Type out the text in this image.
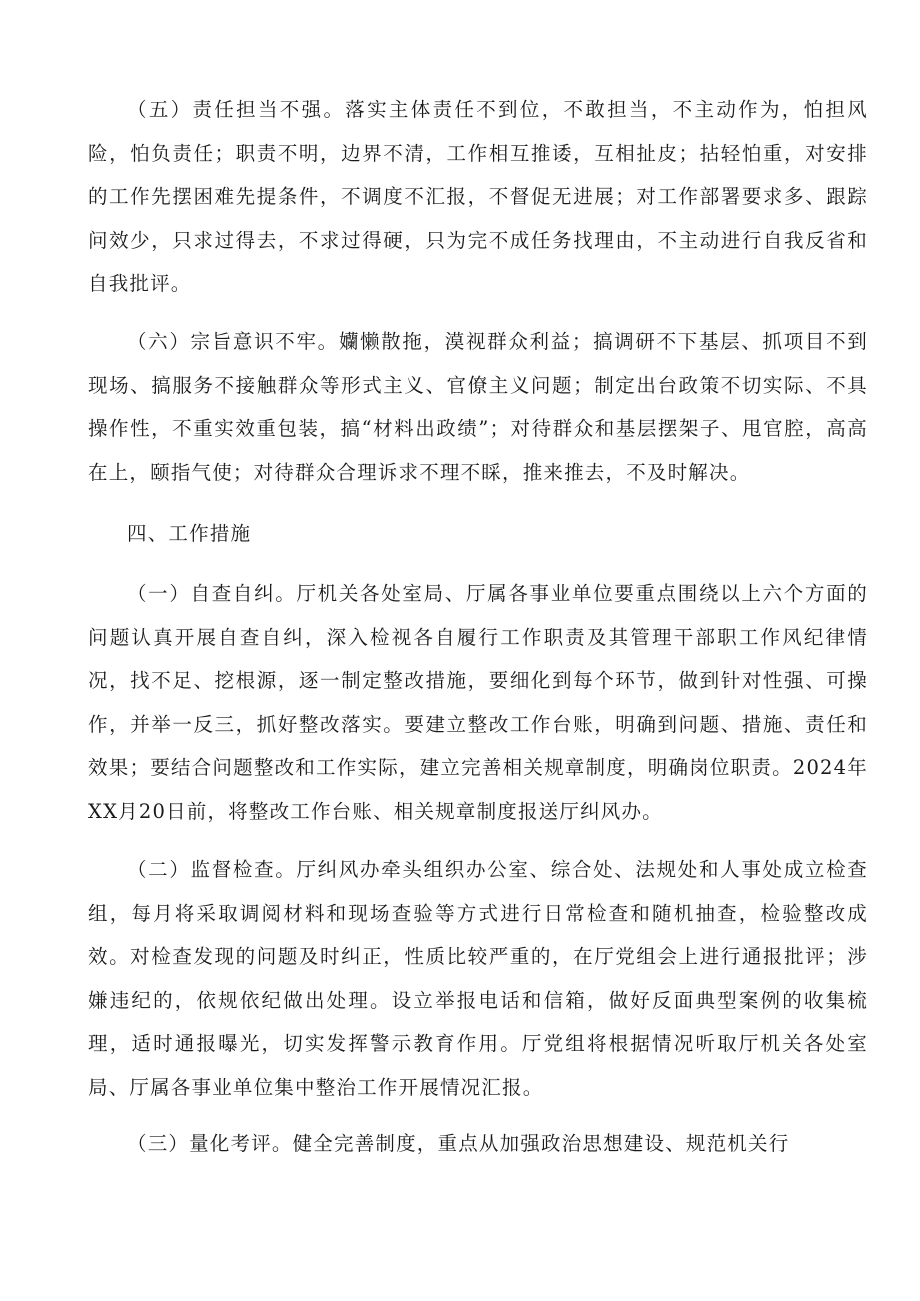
（五）责任担当不强。落实主体责任不到位，不敢担当，不主动作为，怕担风险，怕负责任；职责不明，边界不清，工作相互推诿，互相扯皮；拈轻怕重，对安排的工作先摆困难先提条件，不调度不汇报，不督促无进展；对工作部署要求多、跟踪问效少，只求过得去，不求过得硬，只为完不成任务找理由，不主动进行自我反省和自我批评。

（六）宗旨意识不牢。孏懒散拖，漠视群众利益；搞调研不下基层、抓项目不到现场、搞服务不接触群众等形式主义、官僚主义问题；制定出台政策不切实际、不具操作性，不重实效重包装，搞“材料出政绩”；对待群众和基层摆架子、甩官腔，高高在上，颐指气使；对待群众合理诉求不理不睬，推来推去，不及时解决。

四、工作措施

（一）自查自纠。厅机关各处室局、厅属各事业单位要重点围绕以上六个方面的问题认真开展自查自纠，深入检视各自履行工作职责及其管理干部职工作风纪律情况，找不足、挖根源，逐一制定整改措施，要细化到每个环节，做到针对性强、可操作，并举一反三，抓好整改落实。要建立整改工作台账，明确到问题、措施、责任和效果；要结合问题整改和工作实际，建立完善相关规章制度，明确岗位职责。2024年XX月20日前，将整改工作台账、相关规章制度报送厅纠风办。

（二）监督检查。厅纠风办牵头组织办公室、综合处、法规处和人事处成立检查组，每月将采取调阅材料和现场查验等方式进行日常检查和随机抽查，检验整改成效。对检查发现的问题及时纠正，性质比较严重的，在厅党组会上进行通报批评；涉嫌违纪的，依规依纪做出处理。设立举报电话和信箱，做好反面典型案例的收集梳理，适时通报曝光，切实发挥警示教育作用。厅党组将根据情况听取厅机关各处室局、厅属各事业单位集中整治工作开展情况汇报。

（三）量化考评。健全完善制度，重点从加强政治思想建设、规范机关行
